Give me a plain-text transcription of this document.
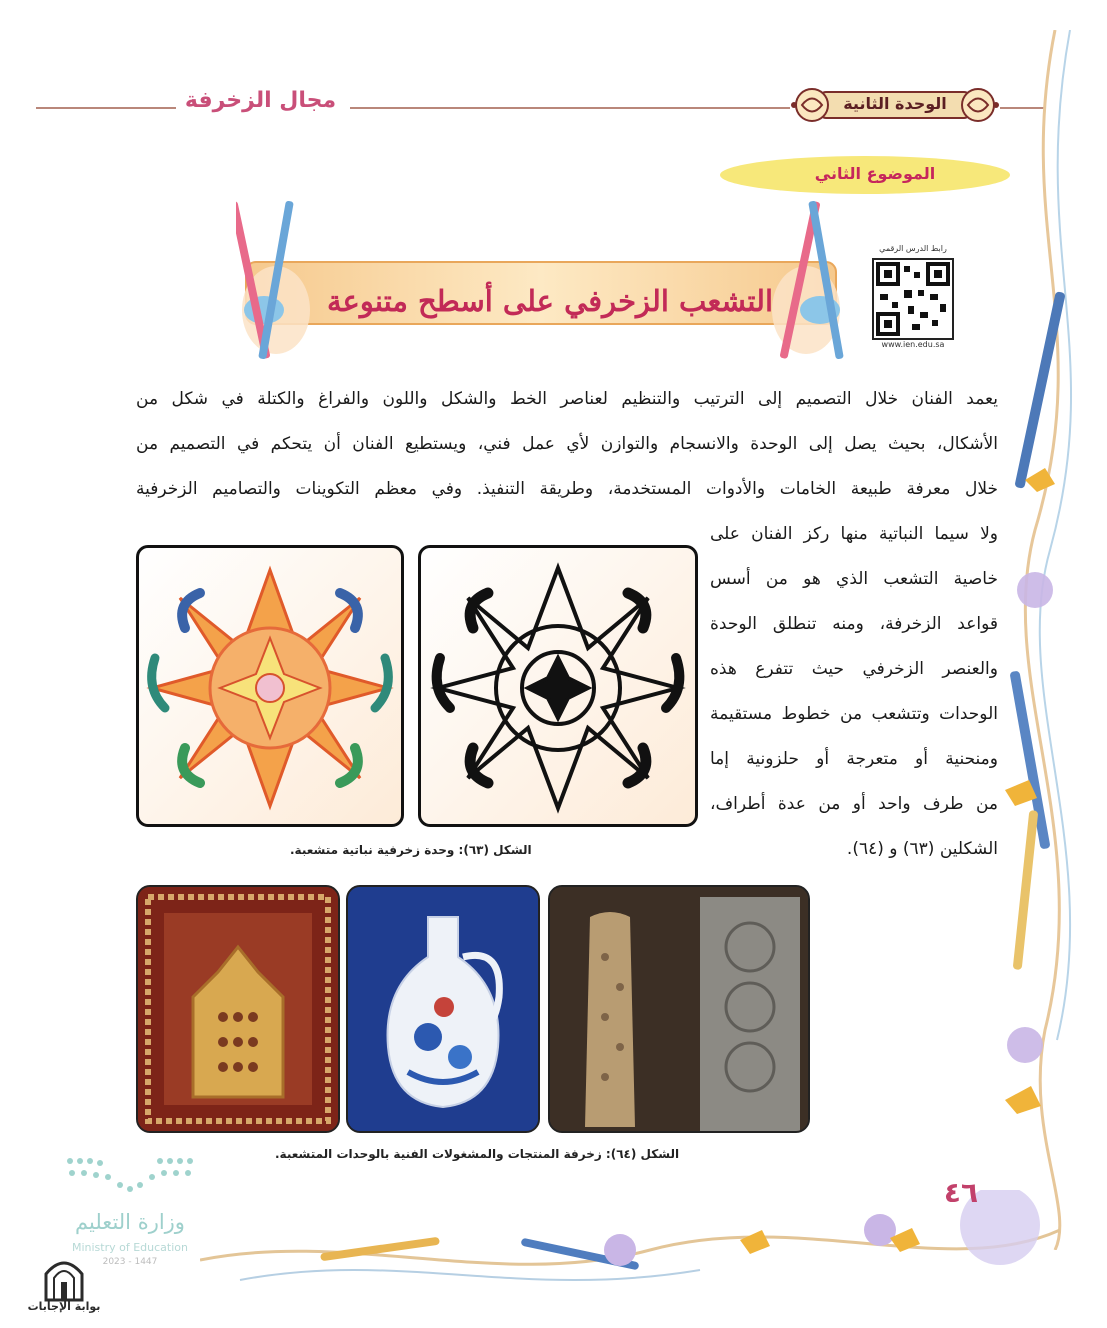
مجال الزخرفة	الوحدة الثانية
الموضوع الثاني
٤٦
رابط الدرس الرقمي
www.ien.edu.sa
التشعب الزخرفي على أسطح متنوعة
يعمد الفنان خلال التصميم إلى الترتيب والتنظيم لعناصر الخط والشكل واللون والفراغ والكتلة في شكل من
الأشكال، بحيث يصل إلى الوحدة والانسجام والتوازن لأي عمل فني، ويستطيع الفنان أن يتحكم في التصميم من
خلال معرفة طبيعة الخامات والأدوات المستخدمة، وطريقة التنفيذ. وفي معظم التكوينات والتصاميم الزخرفية
ولا سيما النباتية منها ركز الفنان على
خاصية التشعب الذي هو من أسس
قواعد الزخرفة، ومنه تنطلق الوحدة
والعنصر الزخرفي حيث تتفرع هذه
الوحدات وتتشعب من خطوط مستقيمة
ومنحنية أو متعرجة أو حلزونية إما
من طرف واحد أو من عدة أطراف،
الشكلين (٦٣) و (٦٤).
الشكل (٦٣): وحدة زخرفية نباتية متشعبة.
الشكل (٦٤): زخرفة المنتجات والمشغولات الفنية بالوحدات المتشعبة.
وزارة التعليم
Ministry of Education
2023 - 1447
بوابة الإجابات
